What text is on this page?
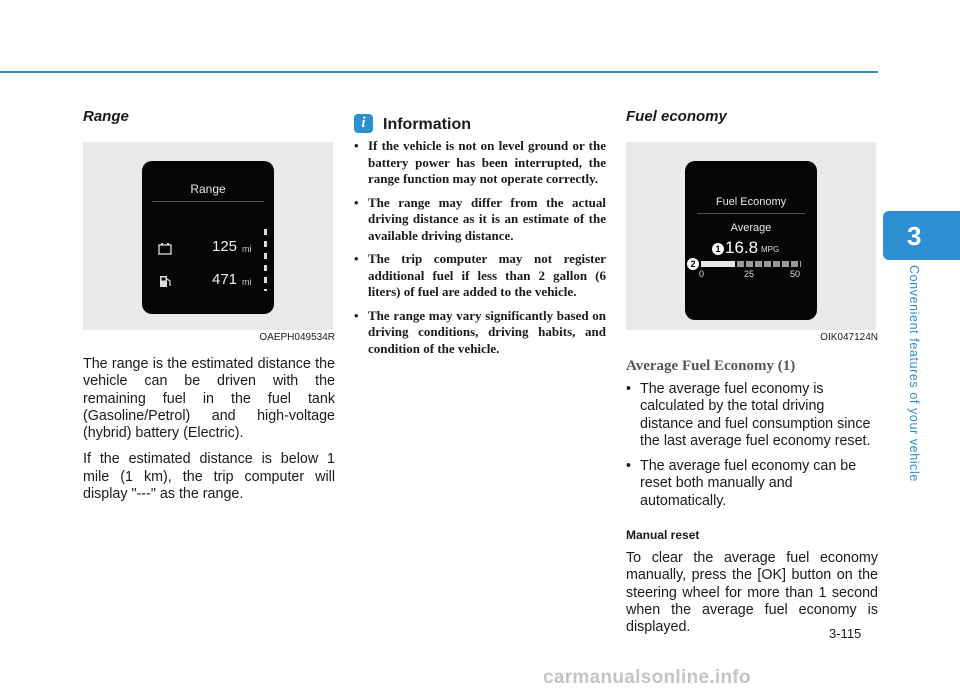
3
Convenient features of your vehicle
Range
Range
125 mi
471 mi
OAEPH049534R

The range is the estimated distance the vehicle can be driven with the remaining fuel in the fuel tank (Gasoline/Petrol) and high-voltage (hybrid) battery (Electric).

If the estimated distance is below 1 mile (1 km), the trip computer will display "---" as the range.

i	Information
• If the vehicle is not on level ground or the battery power has been interrupted, the range function may not operate correctly.
• The range may differ from the actual driving distance as it is an estimate of the available driving distance.
• The trip computer may not register additional fuel if less than 2 gallon (6 liters) of fuel are added to the vehicle.
• The range may vary significantly based on driving conditions, driving habits, and condition of the vehicle.
Fuel economy
Fuel Economy
Average
1 16.8 MPG
2
0	25	50
OIK047124N
Average Fuel Economy (1)
• The average fuel economy is calculated by the total driving distance and fuel consumption since the last average fuel economy reset.
• The average fuel economy can be reset both manually and automatically.
Manual reset

To clear the average fuel economy manually, press the [OK] button on the steering wheel for more than 1 second when the average fuel economy is displayed.	3-115
carmanualsonline.info
